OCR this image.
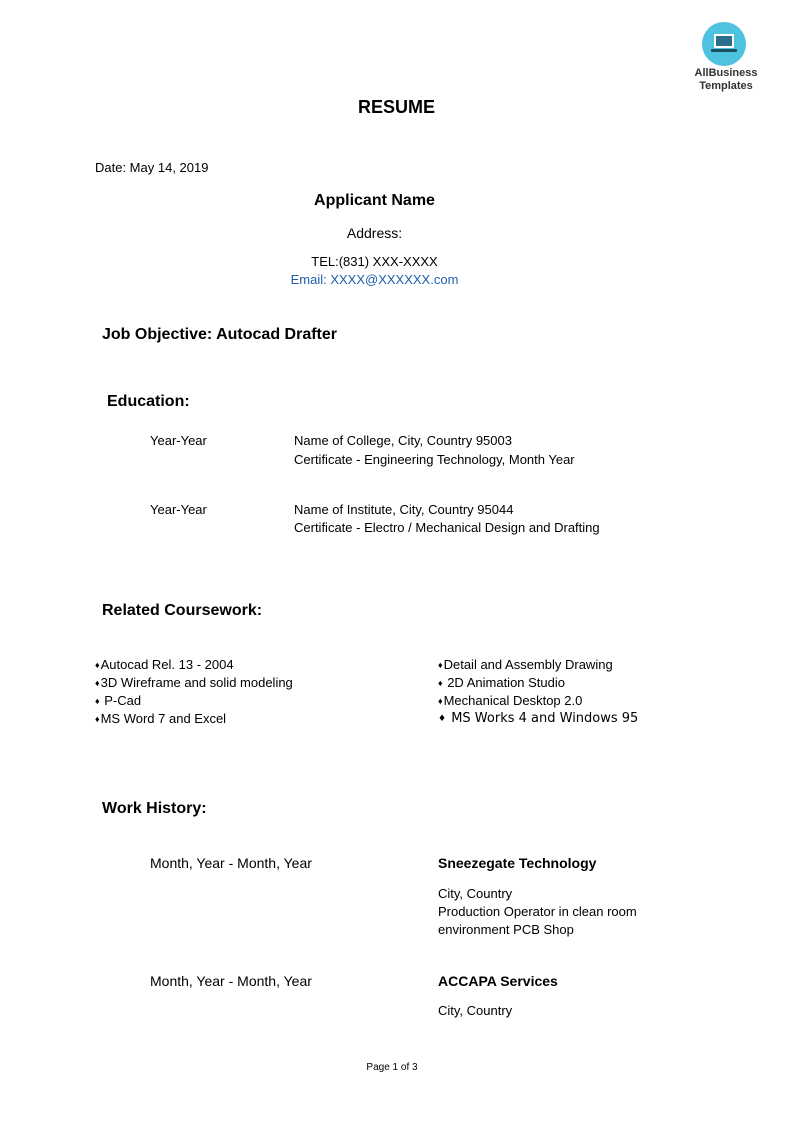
AllBusiness
Templates
RESUME
Date: May 14, 2019
Applicant Name
Address:
TEL:(831) XXX-XXXX
Email: XXXX@XXXXXX.com
Job Objective: Autocad Drafter
Education:
Year-Year	Name of College, City, Country 95003
Certificate - Engineering Technology, Month Year
Year-Year	Name of Institute, City, Country 95044
Certificate - Electro / Mechanical Design and Drafting
Related Coursework:
♦ Autocad Rel. 13 - 2004
♦ 3D Wireframe and solid modeling
♦ P-Cad
♦ MS Word 7 and Excel
♦ Detail and Assembly Drawing
♦ 2D Animation Studio
♦ Mechanical Desktop 2.0
♦ MS Works 4 and Windows 95
Work History:
Month, Year - Month, Year	Sneezegate Technology
City, Country
Production Operator in clean room
environment PCB Shop
Month, Year - Month, Year	ACCAPA Services
City, Country
Page 1 of 3
